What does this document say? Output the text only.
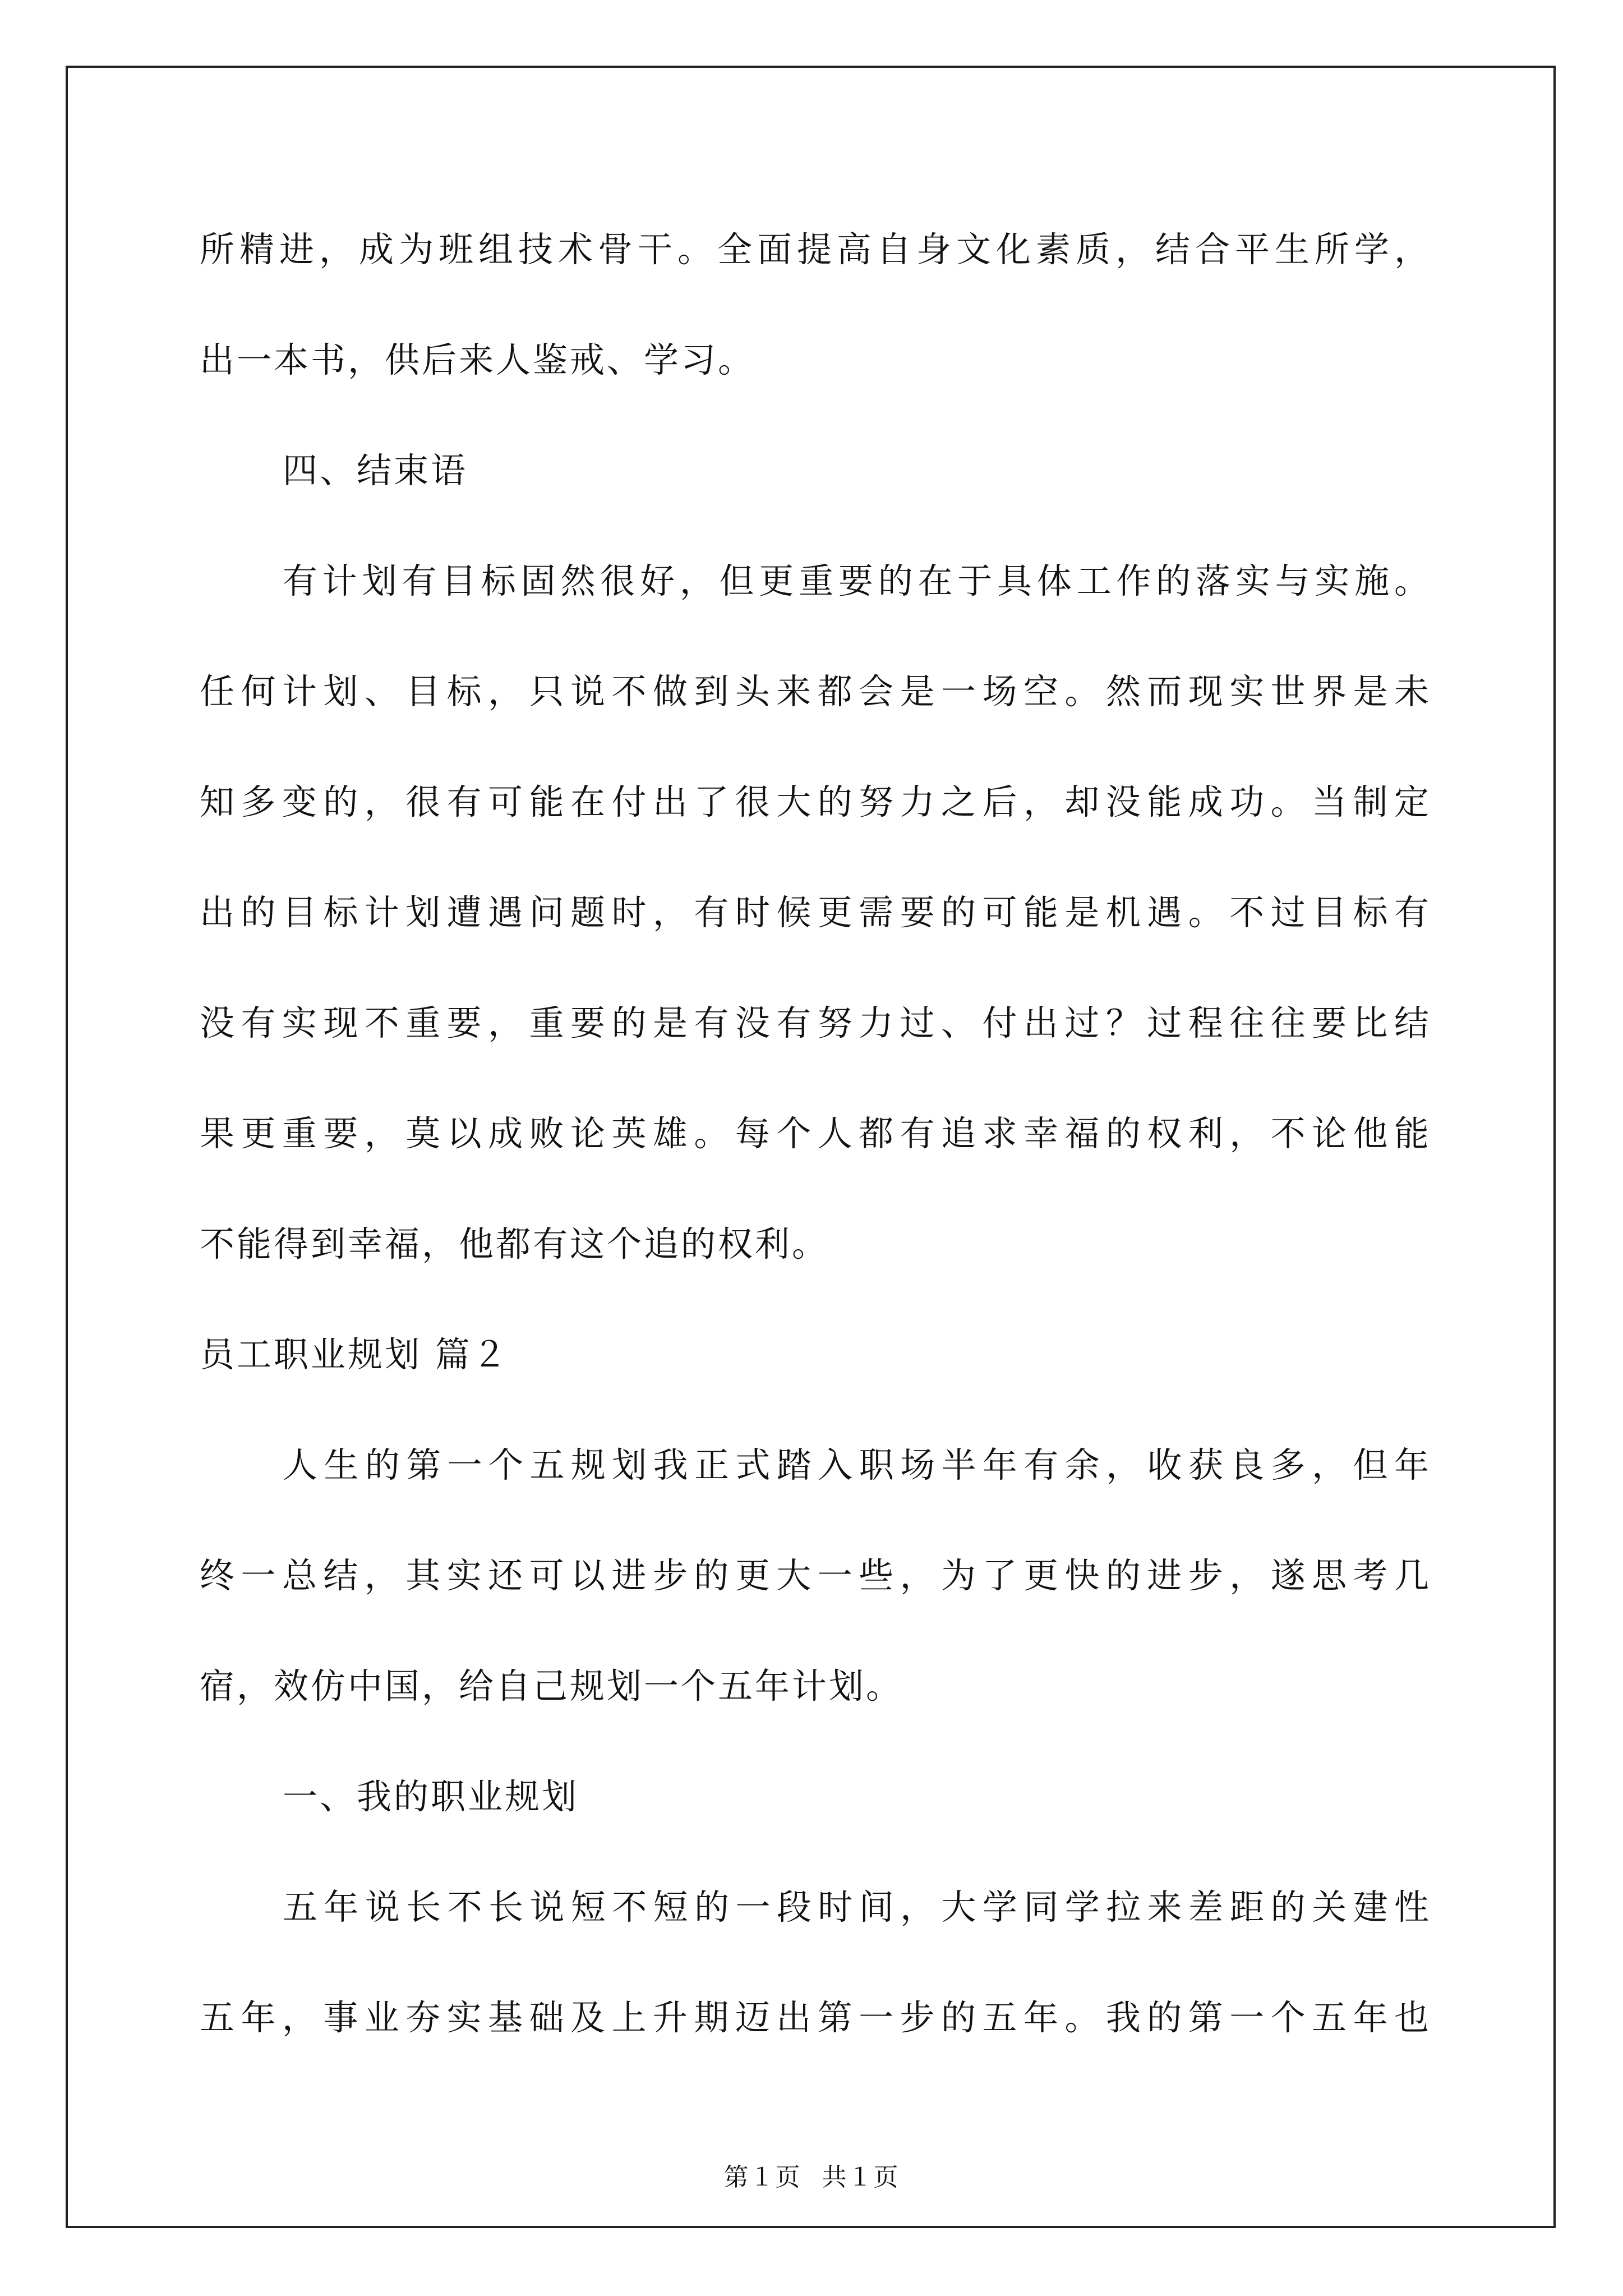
所精进，成为班组技术骨干。全面提高自身文化素质，结合平生所学，
出一本书，供后来人鉴戒、学习。
四、结束语
有计划有目标固然很好，但更重要的在于具体工作的落实与实施。
任何计划、目标，只说不做到头来都会是一场空。然而现实世界是未
知多变的，很有可能在付出了很大的努力之后，却没能成功。当制定
出的目标计划遭遇问题时，有时候更需要的可能是机遇。不过目标有
没有实现不重要，重要的是有没有努力过、付出过？过程往往要比结
果更重要，莫以成败论英雄。每个人都有追求幸福的权利，不论他能
不能得到幸福，他都有这个追的权利。
员工职业规划 篇２
人生的第一个五规划我正式踏入职场半年有余，收获良多，但年
终一总结，其实还可以进步的更大一些，为了更快的进步，遂思考几
宿，效仿中国，给自己规划一个五年计划。
一、我的职业规划
五年说长不长说短不短的一段时间，大学同学拉来差距的关建性
五年，事业夯实基础及上升期迈出第一步的五年。我的第一个五年也
第１页 共１页
